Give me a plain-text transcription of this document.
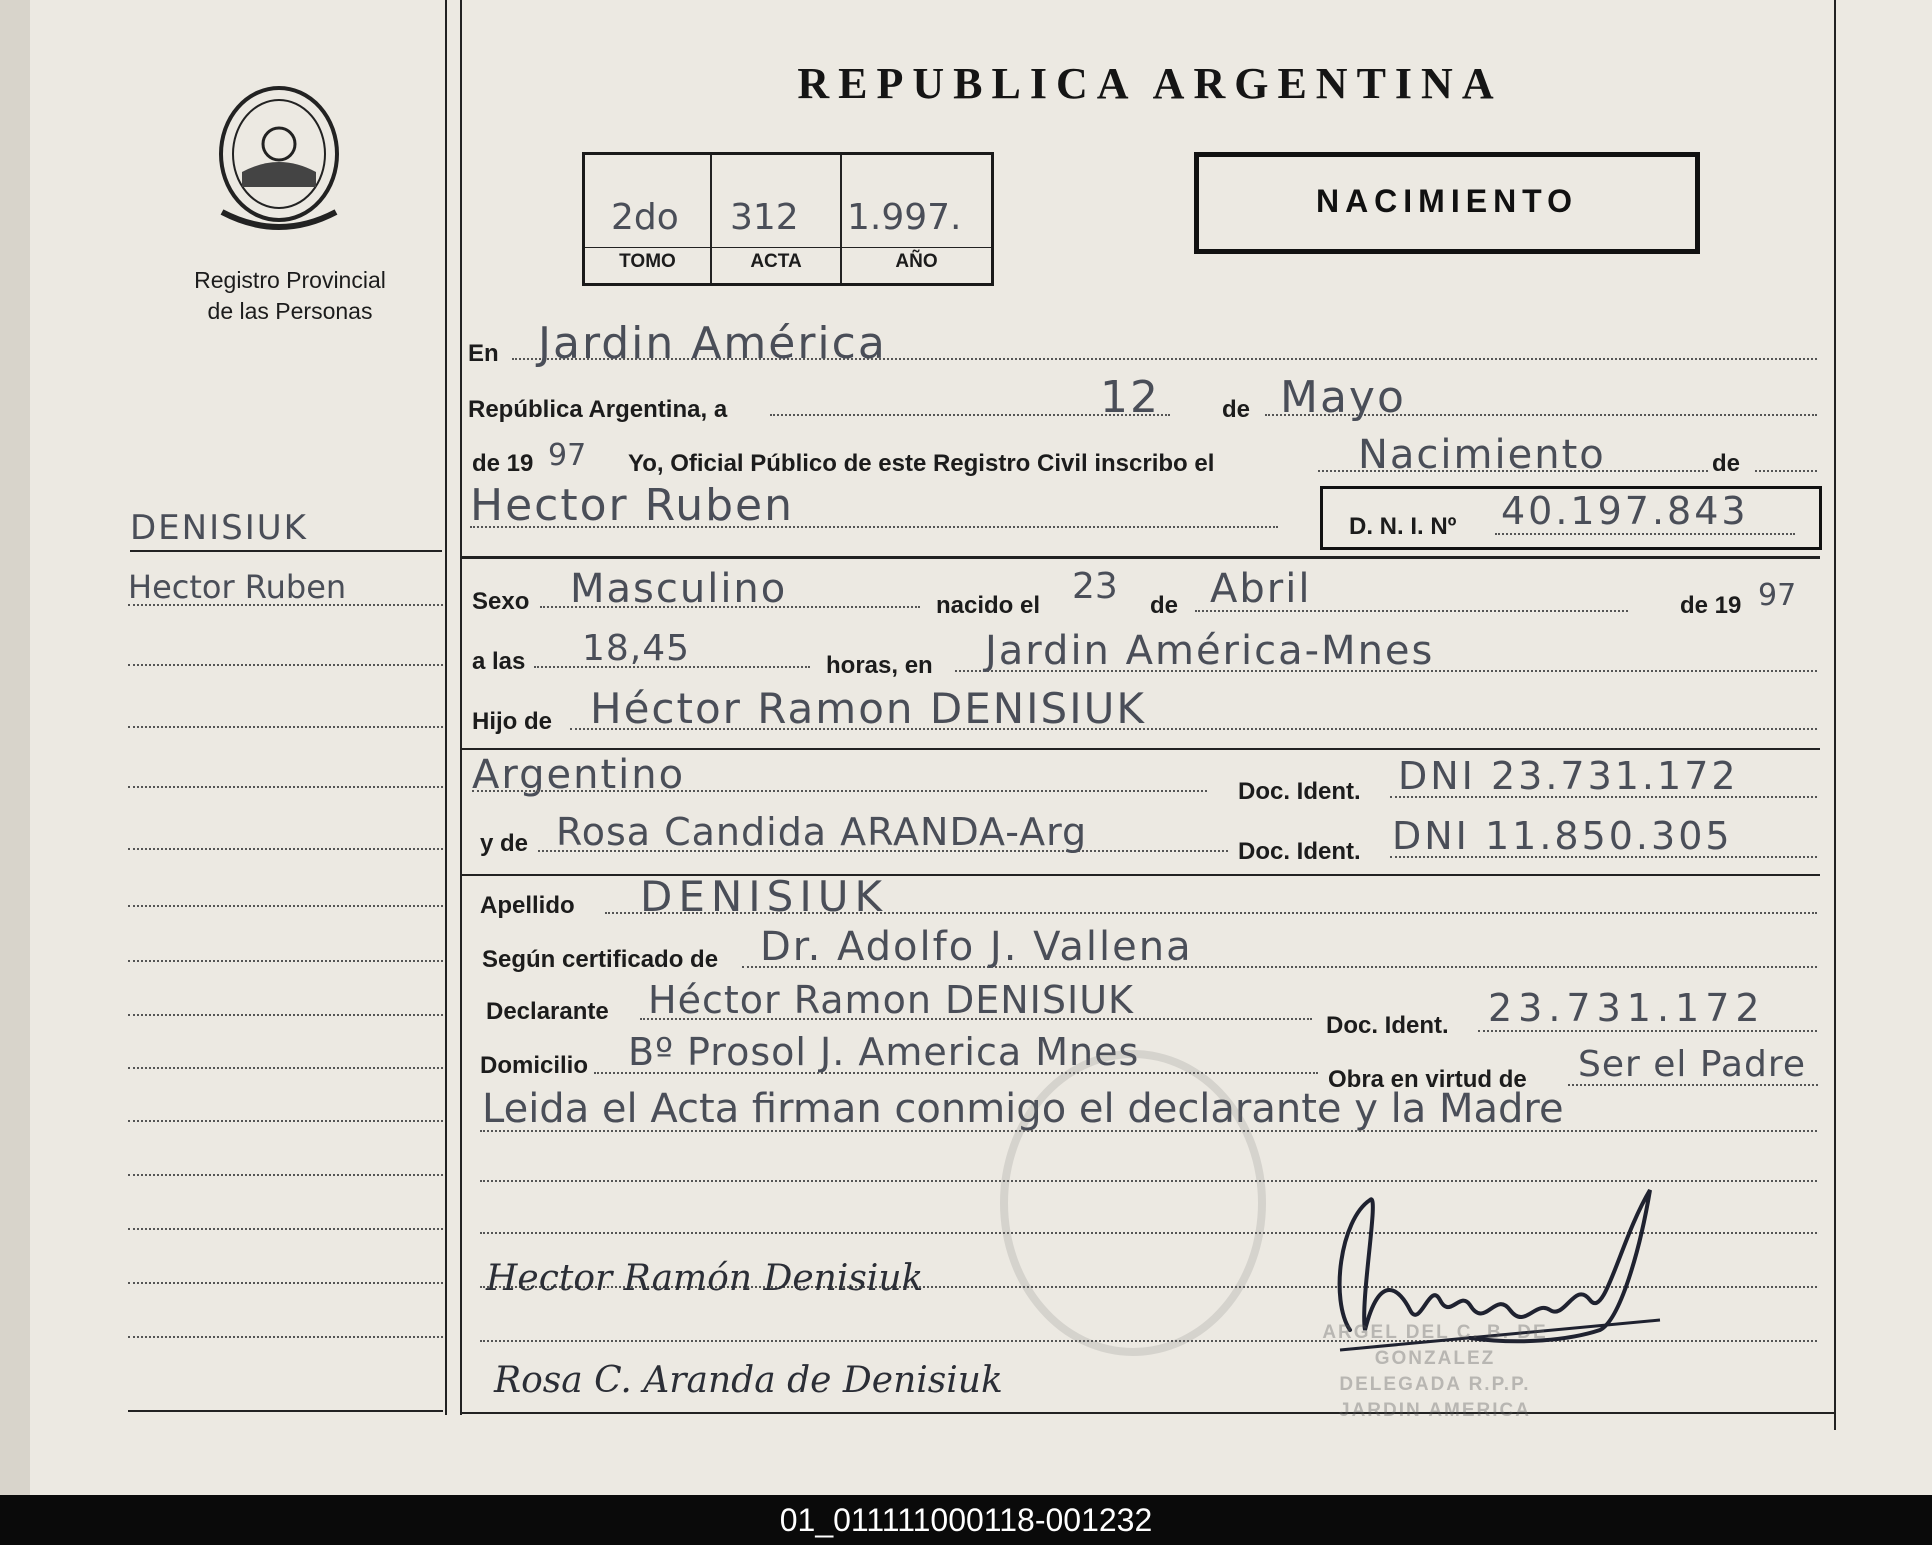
Registro Provincial
de las Personas
DENISIUK
Hector Ruben
REPUBLICA ARGENTINA
2do 312 1.997.
TOMO	ACTA	AÑO
NACIMIENTO
En Jardin América
República Argentina, a	12	de Mayo
de 19 97 Yo, Oficial Público de este Registro Civil inscribo el	Nacimiento	de
Hector Ruben	D. N. I. Nº 40.197.843
Sexo Masculino	nacido el 23 de Abril	de 19 97
a las 18,45	horas, en Jardin América-Mnes
Hijo de Héctor Ramon DENISIUK
Argentino	Doc. Ident. DNI 23.731.172
y de Rosa Candida ARANDA-Arg	Doc. Ident. DNI 11.850.305
Apellido DENISIUK
Según certificado de Dr. Adolfo J. Vallena
Declarante Héctor Ramon DENISIUK
Doc. Ident. 23.731.172
Domicilio Bº Prosol J. America Mnes
Obra en virtud de Ser el Padre
Leida el Acta firman conmigo el declarante y la Madre
Hector Ramón Denisiuk
Rosa C. Aranda de Denisiuk
ARGEL DEL C. B. DE GONZALEZ
DELEGADA R.P.P.
JARDIN AMERICA
01_011111000118-001232
